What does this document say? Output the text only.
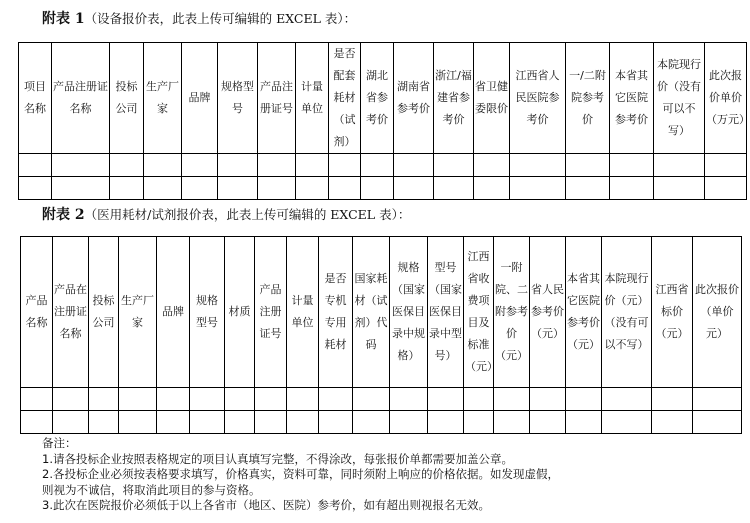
附表 1（设备报价表，此表上传可编辑的 EXCEL 表）：
项目名称	产品注册证名称	投标公司	生产厂家	品牌	规格型号	产品注册证号	计量单位	是否配套耗材（试剂）	湖北省参考价	湖南省参考价	浙江/福建省参考价	省卫健委限价	江西省人民医院参考价	一/二附院参考价	本省其它医院参考价	本院现行价（没有可以不写）	此次报价单价（万元）

附表 2（医用耗材/试剂报价表，此表上传可编辑的 EXCEL 表）：
产品名称	产品在注册证名称	投标公司	生产厂家	品牌	规格型号	材质	产品注册证号	计量单位	是否专机专用耗材	国家耗材（试剂）代码	规格（国家医保目录中规格）	型号（国家医保目录中型号）	江西省收费项目及标准（元）	一附院、二附参考价（元）	省人民参考价（元）	本省其它医院参考价（元）	本院现行价（元）（没有可以不写）	江西省标价（元）	此次报价（单价元）

备注：
1.请各投标企业按照表格规定的项目认真填写完整，不得涂改，每张报价单都需要加盖公章。
2.各投标企业必须按表格要求填写，价格真实，资料可靠，同时须附上响应的价格依据。如发现虚假，
则视为不诚信，将取消此项目的参与资格。
3.此次在医院报价必须低于以上各省市（地区、医院）参考价，如有超出则视报名无效。
